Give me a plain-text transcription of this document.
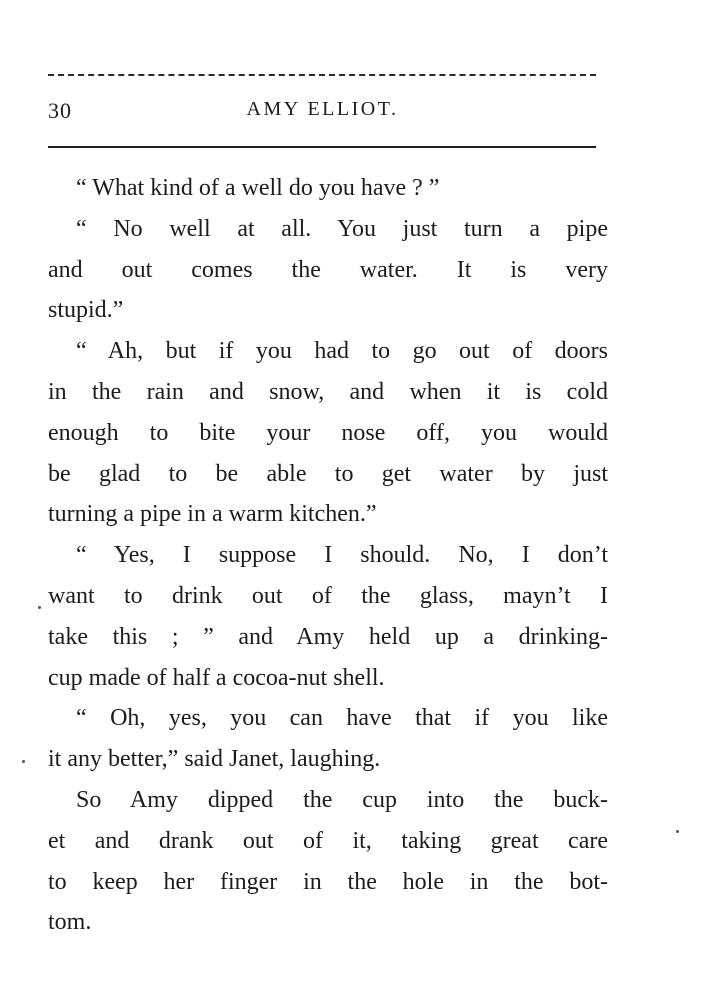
30	AMY ELLIOT.
“ What kind of a well do you have ? ”
“ No well at all. You just turn a pipe
and out comes the water. It is very
stupid.”
“ Ah, but if you had to go out of doors
in the rain and snow, and when it is cold
enough to bite your nose off, you would
be glad to be able to get water by just
turning a pipe in a warm kitchen.”
“ Yes, I suppose I should. No, I don’t
want to drink out of the glass, mayn’t I
take this ; ” and Amy held up a drinking-
cup made of half a cocoa-nut shell.
“ Oh, yes, you can have that if you like
it any better,” said Janet, laughing.
So Amy dipped the cup into the buck-
et and drank out of it, taking great care
to keep her finger in the hole in the bot-
tom.
